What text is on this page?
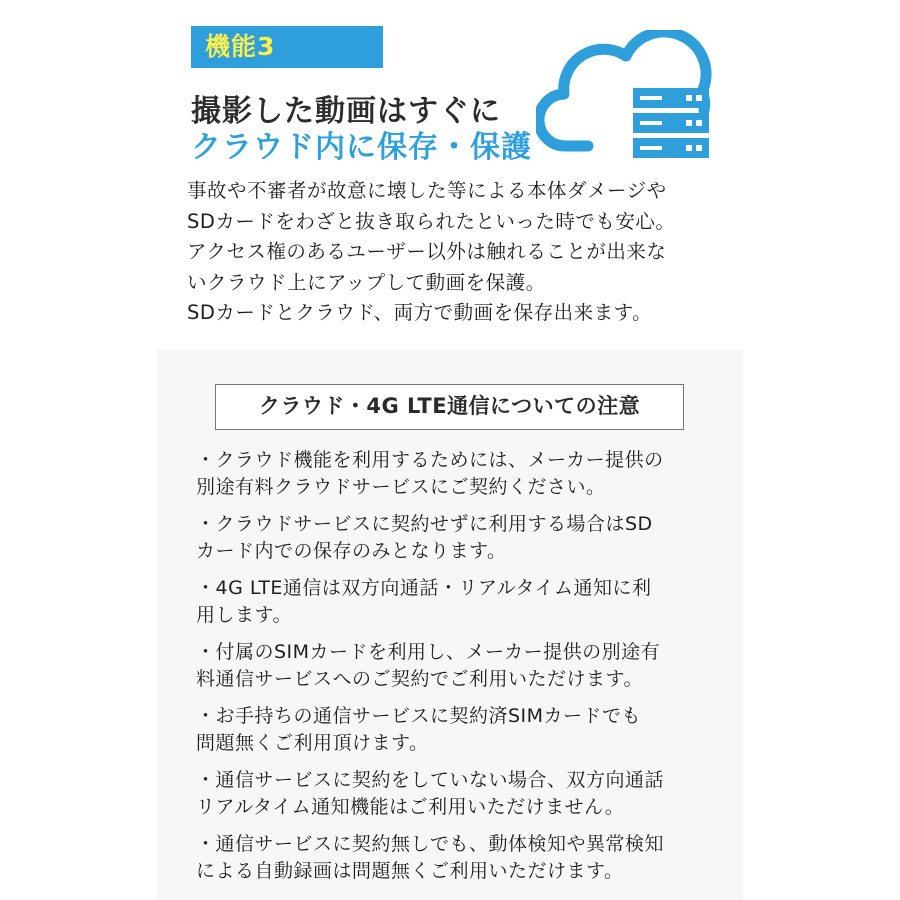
機能3
撮影した動画はすぐに
クラウド内に保存・保護
事故や不審者が故意に壊した等による本体ダメージや
SDカードをわざと抜き取られたといった時でも安心。
アクセス権のあるユーザー以外は触れることが出来な
いクラウド上にアップして動画を保護。
SDカードとクラウド、両方で動画を保存出来ます。
クラウド・4G LTE通信についての注意
・クラウド機能を利用するためには、メーカー提供の
別途有料クラウドサービスにご契約ください。
・クラウドサービスに契約せずに利用する場合はSD
カード内での保存のみとなります。
・4G LTE通信は双方向通話・リアルタイム通知に利
用します。
・付属のSIMカードを利用し、メーカー提供の別途有
料通信サービスへのご契約でご利用いただけます。
・お手持ちの通信サービスに契約済SIMカードでも
問題無くご利用頂けます。
・通信サービスに契約をしていない場合、双方向通話
リアルタイム通知機能はご利用いただけません。
・通信サービスに契約無しでも、動体検知や異常検知
による自動録画は問題無くご利用いただけます。
